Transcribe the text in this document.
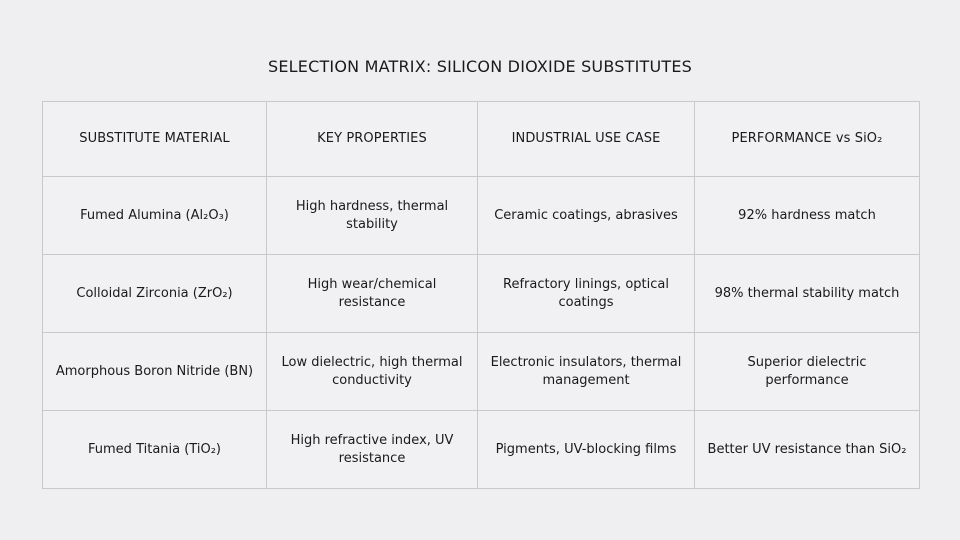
SELECTION MATRIX: SILICON DIOXIDE SUBSTITUTES
SUBSTITUTE MATERIAL	KEY PROPERTIES	INDUSTRIAL USE CASE	PERFORMANCE vs SiO₂
Fumed Alumina (Al₂O₃)	High hardness, thermal stability	Ceramic coatings, abrasives	92% hardness match
Colloidal Zirconia (ZrO₂)	High wear/chemical resistance	Refractory linings, optical coatings	98% thermal stability match
Amorphous Boron Nitride (BN)	Low dielectric, high thermal conductivity	Electronic insulators, thermal management	Superior dielectric performance
Fumed Titania (TiO₂)	High refractive index, UV resistance	Pigments, UV-blocking films	Better UV resistance than SiO₂
